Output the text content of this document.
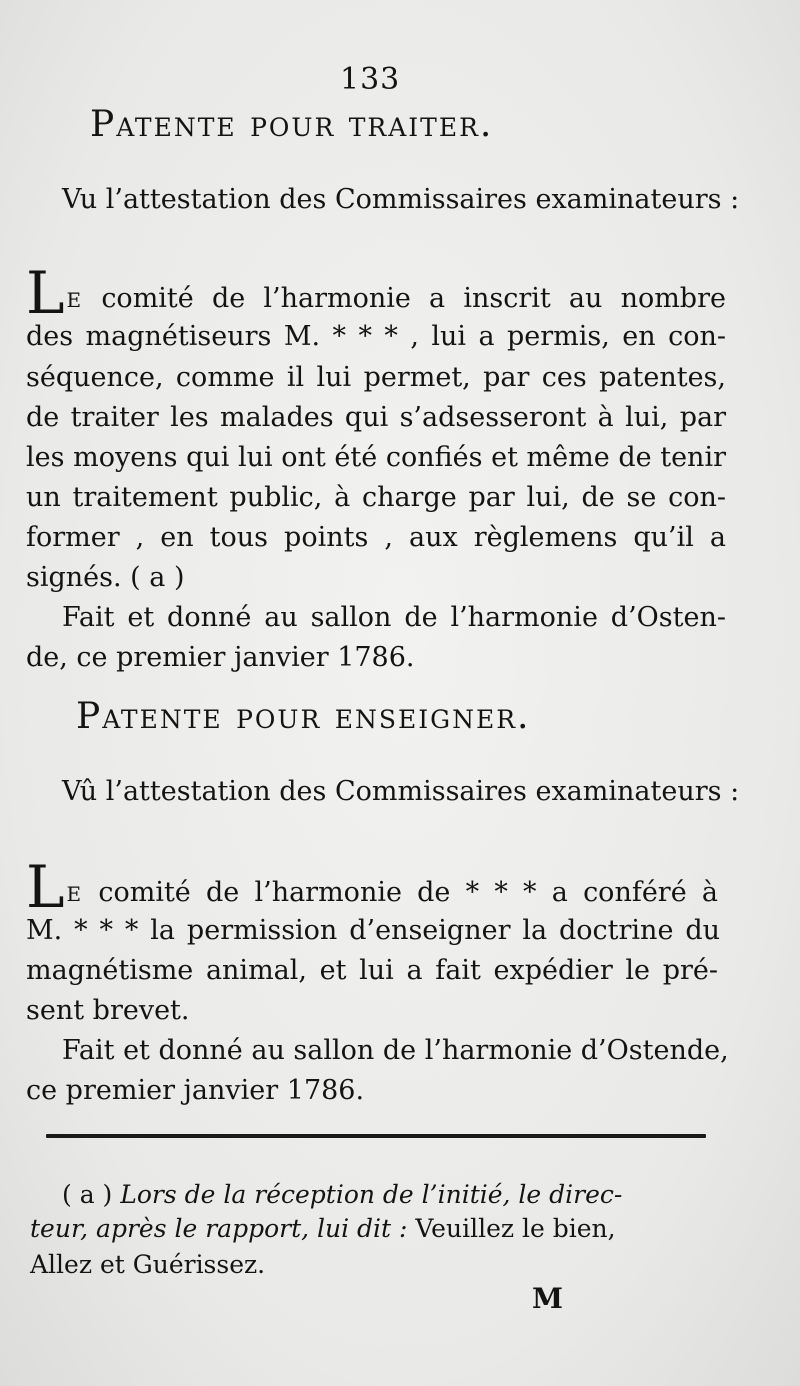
133
Patente pour traiter.
Vu l’attestation des Commissaires examinateurs :
L E comité de l’harmonie a inscrit au nombre
des magnétiseurs M. * * * , lui a permis, en con-
séquence, comme il lui permet, par ces patentes,
de traiter les malades qui s’adsesseront à lui, par
les moyens qui lui ont été confiés et même de tenir
un traitement public, à charge par lui, de se con-
former , en tous points , aux règlemens qu’il a
signés. ( a )
Fait et donné au sallon de l’harmonie d’Osten-
de, ce premier janvier 1786.
Patente pour enseigner.
Vû l’attestation des Commissaires examinateurs :
L E comité de l’harmonie de * * * a conféré à
M. * * * la permission d’enseigner la doctrine du
magnétisme animal, et lui a fait expédier le pré-
sent brevet.
Fait et donné au sallon de l’harmonie d’Ostende,
ce premier janvier 1786.
( a ) Lors de la réception de l’initié, le direc-
teur, après le rapport, lui dit : Veuillez le bien,
Allez et Guérissez.
M
